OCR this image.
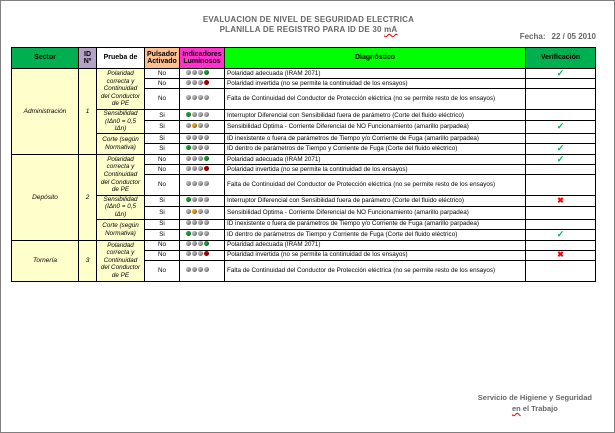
EVALUACION DE NIVEL DE SEGURIDAD ELECTRICA
PLANILLA DE REGISTRO PARA ID DE 30 mA
Fecha: 22 / 05 2010
Sector	ID Nº	Prueba de	Pulsador Activado	Indicadores Luminosos	Diagnóstico	Verificación
Administración	1	Polaridad correcta y Continuidad del Conductor de PE	No		Polaridad adecuada (IRAM 2071)	✓
			No		Polaridad invertida (no se permite la continuidad de los ensayos)	
			No		Falta de Continuidad del Conductor de Protección eléctrica (no se permite resto de los ensayos)	
		Sensibilidad (IΔn0 = 0,5 IΔn)	Si		Interruptor Diferencial con Sensibilidad fuera de parámetro (Corte del fluido eléctrico)	
			Si		Sensibilidad Optima - Corriente Diferencial de NO Funcionamiento (amarillo parpadea)	✓
		Corte (según Normativa)	Si		ID inexistente o fuera de parámetros de Tiempo y/o Corriente de Fuga (amarillo parpadea)	
			Si		ID dentro de parámetros de Tiempo y Corriente de Fuga (Corte del fluido eléctrico)	✓
Depósito	2	Polaridad correcta y Continuidad del Conductor de PE	No		Polaridad adecuada (IRAM 2071)	✓
			No		Polaridad invertida (no se permite la continuidad de los ensayos)	
			No		Falta de Continuidad del Conductor de Protección eléctrica (no se permite resto de los ensayos)	
		Sensibilidad (IΔn0 = 0,5 IΔn)	Si		Interruptor Diferencial con Sensibilidad fuera de parámetro (Corte del fluido eléctrico)	✖
			Si		Sensibilidad Optima - Corriente Diferencial de NO Funcionamiento (amarillo parpadea)	
		Corte (según Normativa)	Si		ID inexistente o fuera de parámetros de Tiempo y/o Corriente de Fuga (amarillo parpadea)	
			Si		ID dentro de parámetros de Tiempo y Corriente de Fuga (Corte del fluido eléctrico)	✓
Tornería	3	Polaridad correcta y Continuidad del Conductor de PE	No		Polaridad adecuada (IRAM 2071)	
			No		Polaridad invertida (no se permite la continuidad de los ensayos)	✖
			No		Falta de Continuidad del Conductor de Protección eléctrica (no se permite resto de los ensayos)	
Servicio de Higiene y Seguridad
en el Trabajo
